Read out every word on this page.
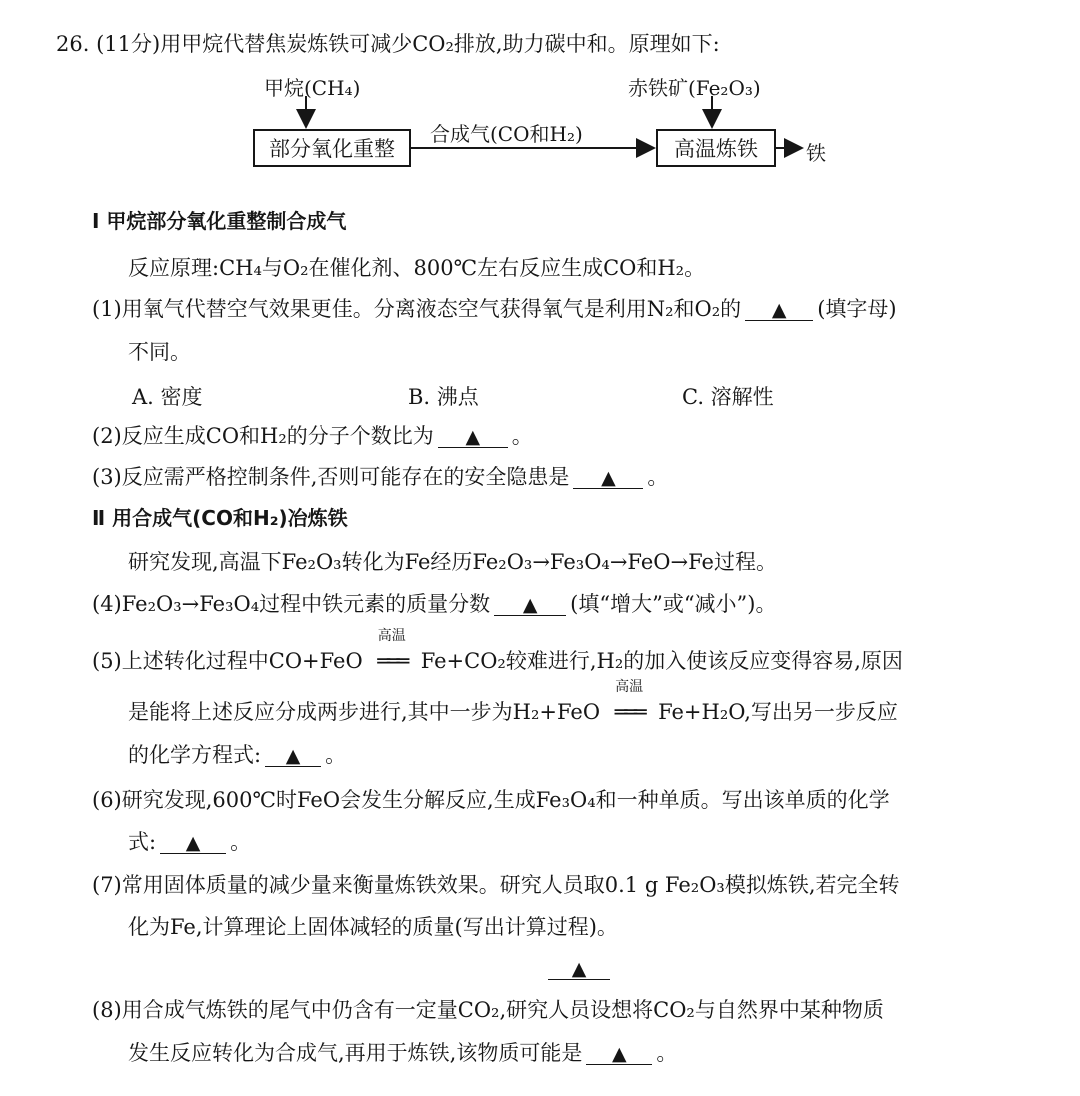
26. (11分)用甲烷代替焦炭炼铁可减少CO₂排放,助力碳中和。原理如下:
甲烷(CH₄)	赤铁矿(Fe₂O₃)
合成气(CO和H₂)
部分氧化重整	高温炼铁 铁
Ⅰ 甲烷部分氧化重整制合成气
反应原理:CH₄与O₂在催化剂、800℃左右反应生成CO和H₂。
(1)用氧气代替空气效果更佳。分离液态空气获得氧气是利用N₂和O₂的 ▲ (填字母)
不同。
A. 密度	B. 沸点	C. 溶解性
(2)反应生成CO和H₂的分子个数比为 ▲ 。
(3)反应需严格控制条件,否则可能存在的安全隐患是 ▲ 。
Ⅱ 用合成气(CO和H₂)冶炼铁
研究发现,高温下Fe₂O₃转化为Fe经历Fe₂O₃→Fe₃O₄→FeO→Fe过程。
(4)Fe₂O₃→Fe₃O₄过程中铁元素的质量分数 ▲ (填“增大”或“减小”)。
(5)上述转化过程中CO+FeO
高温
═══ Fe+CO₂较难进行,H₂的加入使该反应变得容易,原因
是能将上述反应分成两步进行,其中一步为H₂+FeO
高温
═══ Fe+H₂O,写出另一步反应
的化学方程式: ▲ 。
(6)研究发现,600℃时FeO会发生分解反应,生成Fe₃O₄和一种单质。写出该单质的化学
式: ▲ 。
(7)常用固体质量的减少量来衡量炼铁效果。研究人员取0.1 g Fe₂O₃模拟炼铁,若完全转
化为Fe,计算理论上固体减轻的质量(写出计算过程)。
▲
(8)用合成气炼铁的尾气中仍含有一定量CO₂,研究人员设想将CO₂与自然界中某种物质
发生反应转化为合成气,再用于炼铁,该物质可能是 ▲ 。
